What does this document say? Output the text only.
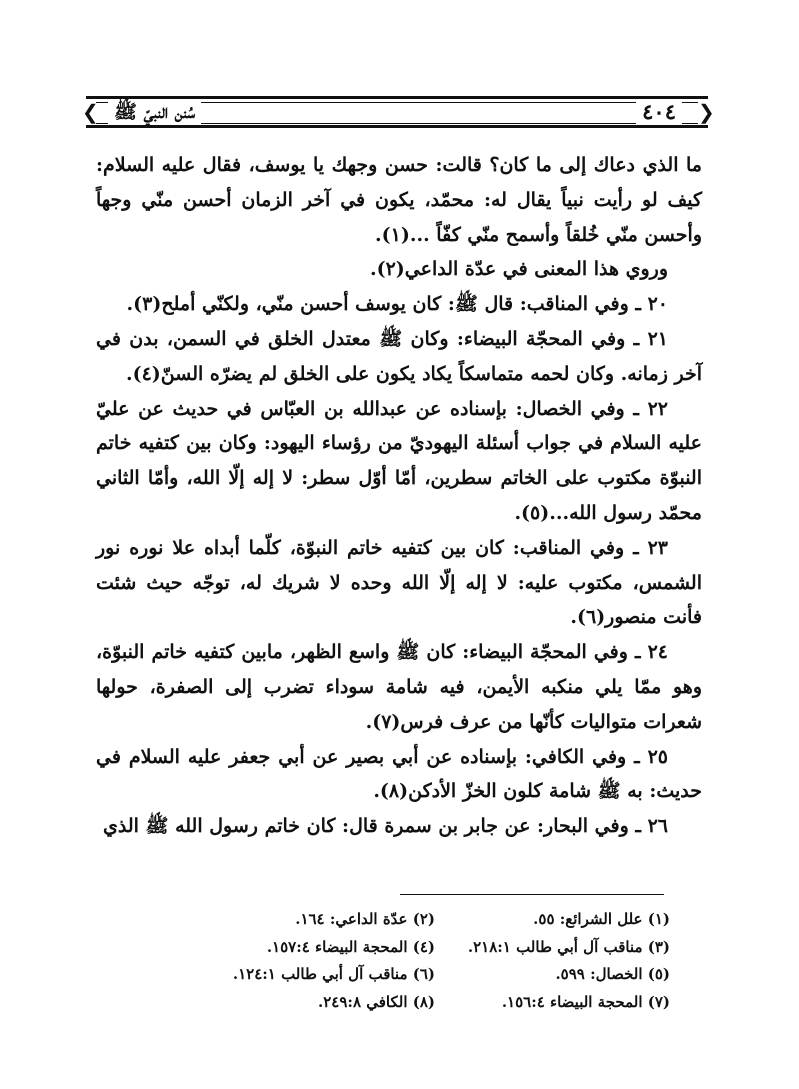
❮	❯
٤٠٤
سُنن النبيّ ﷺ

ما الذي دعاك إلى ما كان؟ قالت: حسن وجهك يا يوسف، فقال عليه السلام: كيف لو رأيت نبياً يقال له: محمّد، يكون في آخر الزمان أحسن منّي وجهاً وأحسن منّي خُلقاً وأسمح منّي كفّاً ...(١).

وروي هذا المعنى في عدّة الداعي(٢).

٢٠ ـ وفي المناقب: قال ﷺ: كان يوسف أحسن منّي، ولكنّي أملح(٣).

٢١ ـ وفي المحجّة البيضاء: وكان ﷺ معتدل الخلق في السمن، بدن في آخر زمانه. وكان لحمه متماسكاً يكاد يكون على الخلق لم يضرّه السنّ(٤).

٢٢ ـ وفي الخصال: بإسناده عن عبدالله بن العبّاس في حديث عن عليّ عليه السلام في جواب أسئلة اليهوديّ من رؤساء اليهود: وكان بين كتفيه خاتم النبوّة مكتوب على الخاتم سطرين، أمّا أوّل سطر: لا إله إلّا الله، وأمّا الثاني محمّد رسول الله...(٥).

٢٣ ـ وفي المناقب: كان بين كتفيه خاتم النبوّة، كلّما أبداه علا نوره نور الشمس، مكتوب عليه: لا إله إلّا الله وحده لا شريك له، توجّه حيث شئت فأنت منصور(٦).

٢٤ ـ وفي المحجّة البيضاء: كان ﷺ واسع الظهر، مابين كتفيه خاتم النبوّة، وهو ممّا يلي منكبه الأيمن، فيه شامة سوداء تضرب إلى الصفرة، حولها شعرات متواليات كأنّها من عرف فرس(٧).

٢٥ ـ وفي الكافي: بإسناده عن أبي بصير عن أبي جعفر عليه السلام في حديث: به ﷺ شامة كلون الخزّ الأدكن(٨).

٢٦ ـ وفي البحار: عن جابر بن سمرة قال: كان خاتم رسول الله ﷺ الذي

(١) علل الشرائع: ٥٥.
(٢) عدّة الداعي: ١٦٤.
(٣) مناقب آل أبي طالب ٢١٨:١.
(٤) المحجة البيضاء ١٥٧:٤.
(٥) الخصال: ٥٩٩.
(٦) مناقب آل أبي طالب ١٢٤:١.
(٧) المحجة البيضاء ١٥٦:٤.
(٨) الكافي ٢٤٩:٨.
